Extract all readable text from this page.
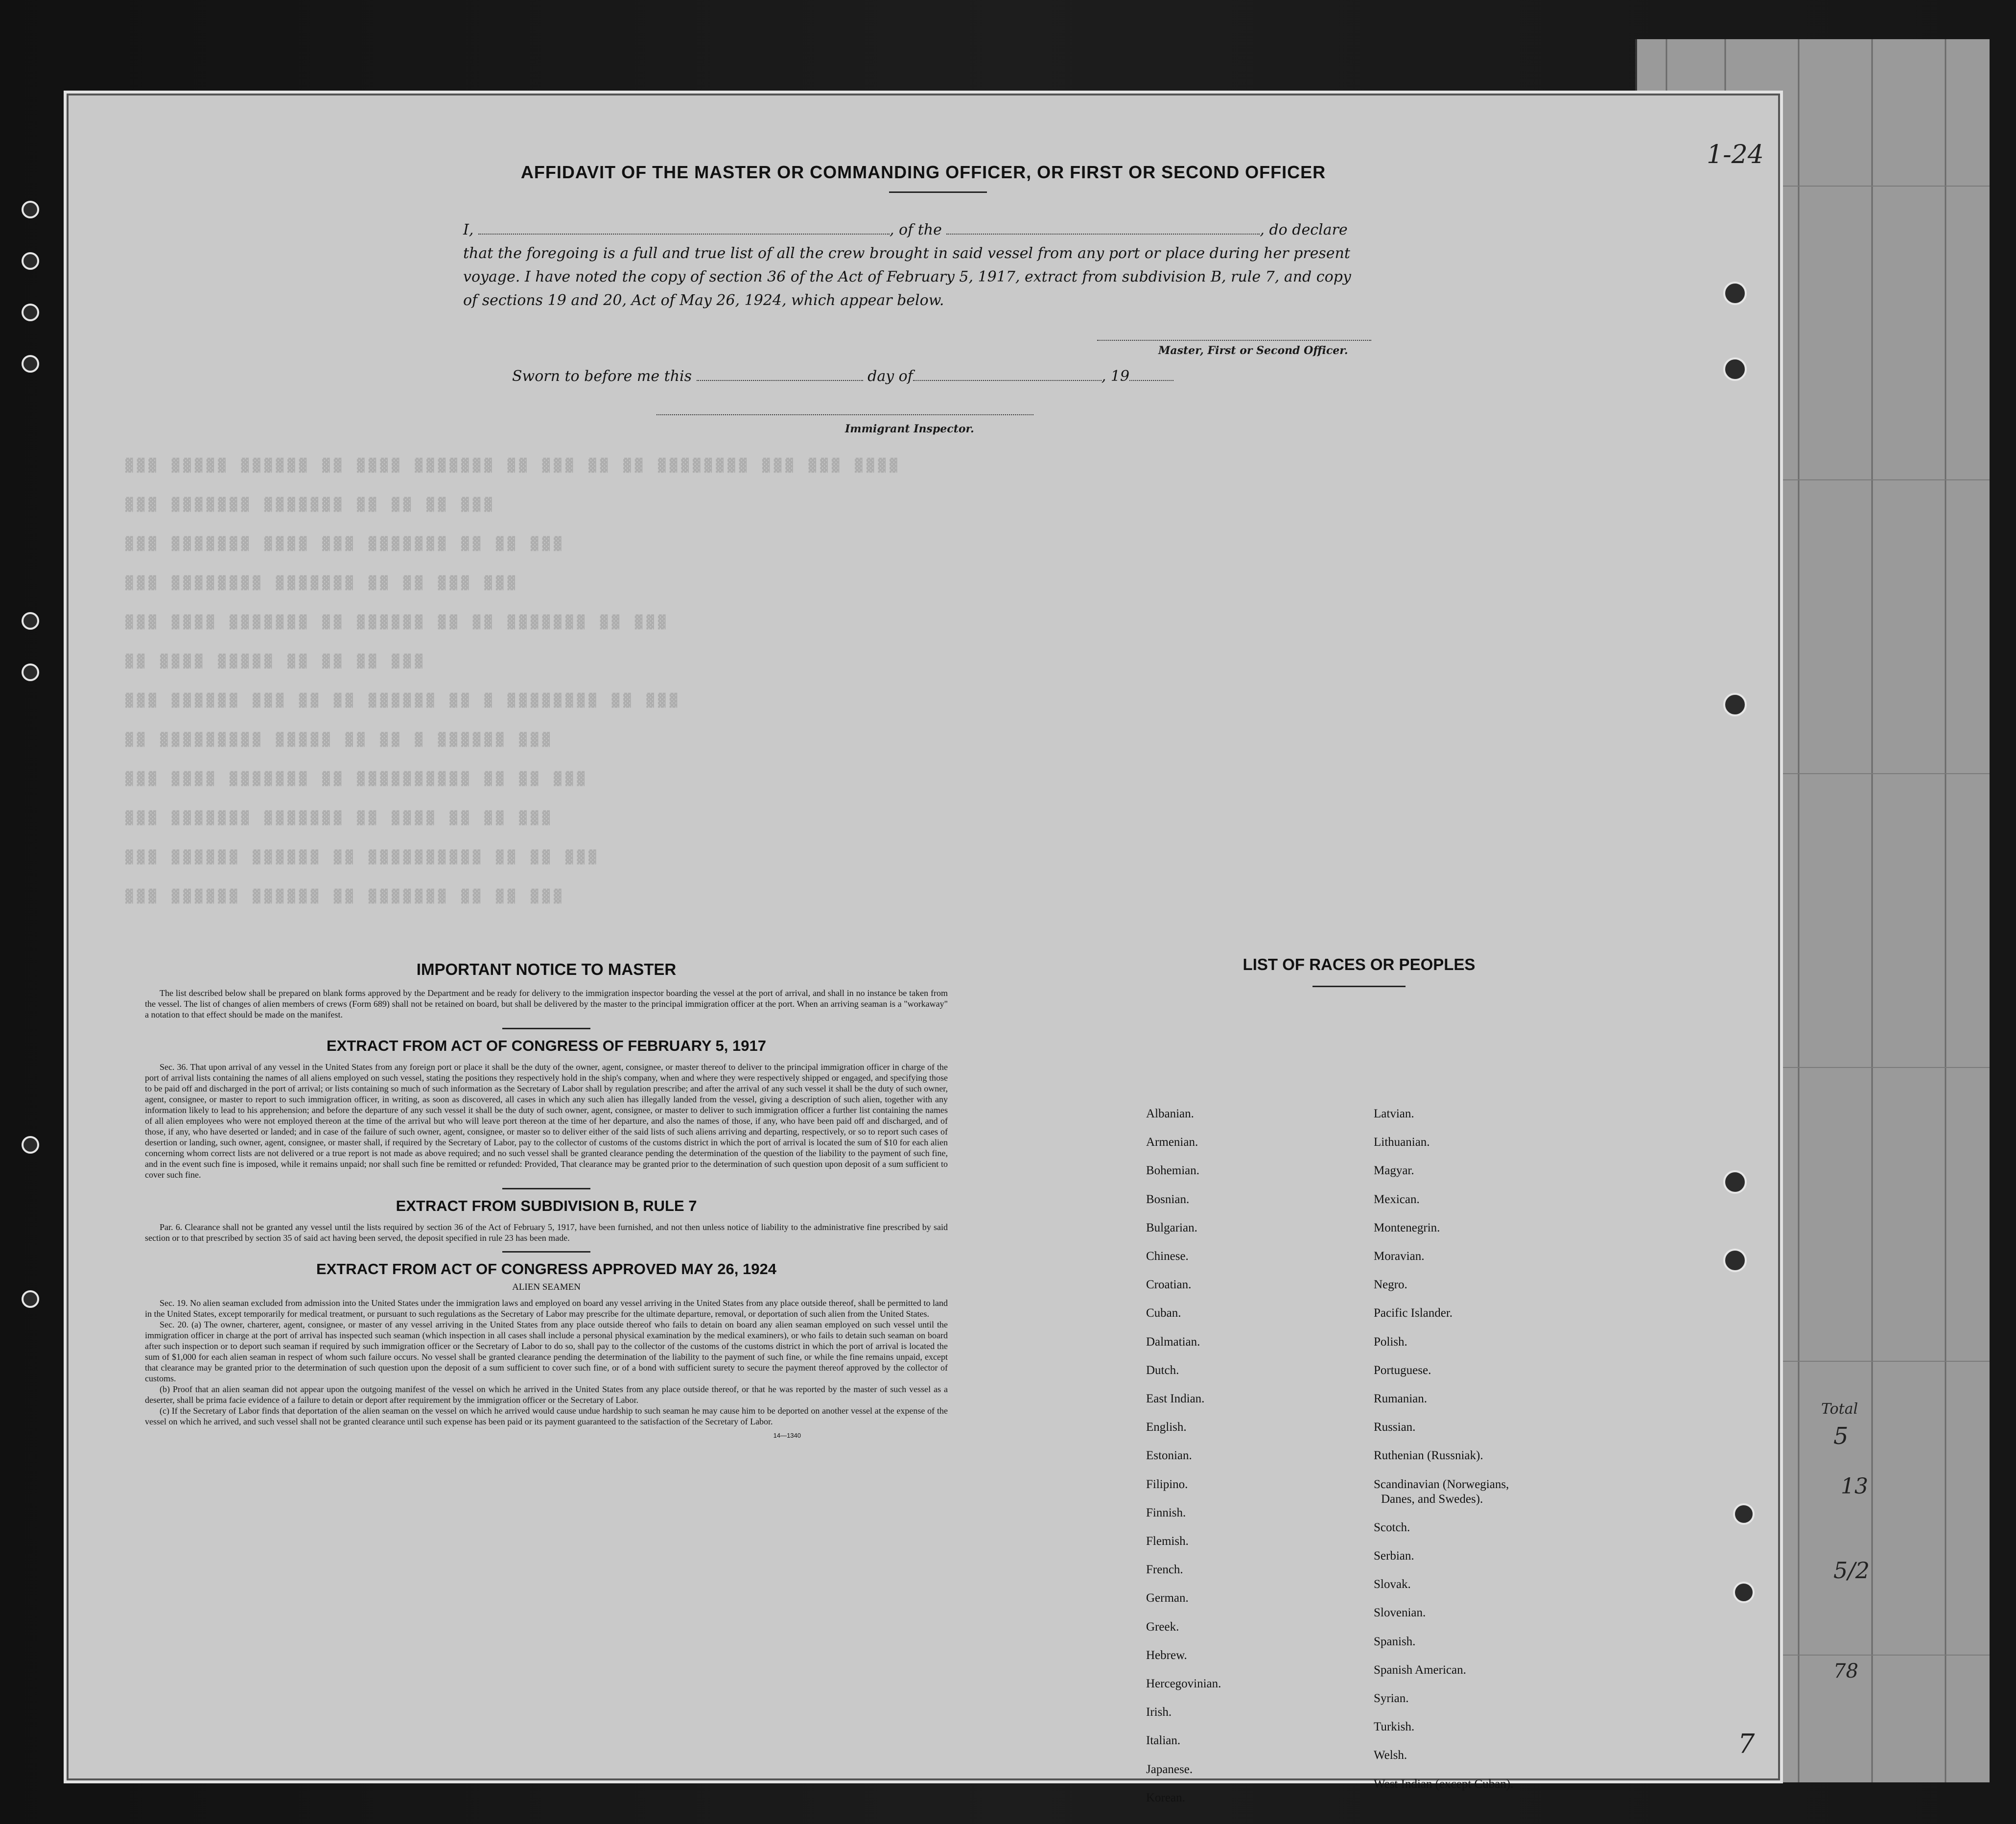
▓▓▓ ▓▓▓▓▓ ▓▓▓▓▓▓ ▓▓ ▓▓▓▓ ▓▓▓▓▓▓▓ ▓▓ ▓▓▓ ▓▓ ▓▓ ▓▓▓▓▓▓▓▓ ▓▓▓ ▓▓▓ ▓▓▓▓
▓▓▓ ▓▓▓▓▓▓▓ ▓▓▓▓▓▓▓ ▓▓ ▓▓ ▓▓ ▓▓▓
▓▓▓ ▓▓▓▓▓▓▓ ▓▓▓▓ ▓▓▓ ▓▓▓▓▓▓▓ ▓▓ ▓▓ ▓▓▓
▓▓▓ ▓▓▓▓▓▓▓▓ ▓▓▓▓▓▓▓ ▓▓ ▓▓ ▓▓▓ ▓▓▓
▓▓▓ ▓▓▓▓ ▓▓▓▓▓▓▓ ▓▓ ▓▓▓▓▓▓ ▓▓ ▓▓ ▓▓▓▓▓▓▓ ▓▓ ▓▓▓
▓▓ ▓▓▓▓ ▓▓▓▓▓ ▓▓ ▓▓ ▓▓ ▓▓▓
▓▓▓ ▓▓▓▓▓▓ ▓▓▓ ▓▓ ▓▓ ▓▓▓▓▓▓ ▓▓ ▓ ▓▓▓▓▓▓▓▓ ▓▓ ▓▓▓
▓▓ ▓▓▓▓▓▓▓▓▓ ▓▓▓▓▓ ▓▓ ▓▓ ▓ ▓▓▓▓▓▓ ▓▓▓
▓▓▓ ▓▓▓▓ ▓▓▓▓▓▓▓ ▓▓ ▓▓▓▓▓▓▓▓▓▓ ▓▓ ▓▓ ▓▓▓
▓▓▓ ▓▓▓▓▓▓▓ ▓▓▓▓▓▓▓ ▓▓ ▓▓▓▓ ▓▓ ▓▓ ▓▓▓
▓▓▓ ▓▓▓▓▓▓ ▓▓▓▓▓▓ ▓▓ ▓▓▓▓▓▓▓▓▓▓ ▓▓ ▓▓ ▓▓▓
▓▓▓ ▓▓▓▓▓▓ ▓▓▓▓▓▓ ▓▓ ▓▓▓▓▓▓▓ ▓▓ ▓▓ ▓▓▓
AFFIDAVIT OF THE MASTER OR COMMANDING OFFICER, OR FIRST OR SECOND OFFICER

I,	, of the	, do declare

that the foregoing is a full and true list of all the crew brought in said vessel from any port or place during her present

voyage. I have noted the copy of section 36 of the Act of February 5, 1917, extract from subdivision B, rule 7, and copy

of sections 19 and 20, Act of May 26, 1924, which appear below.

Master, First or Second Officer.
Sworn to before me this	day of	, 19
Immigrant Inspector.
IMPORTANT NOTICE TO MASTER

The list described below shall be prepared on blank forms approved by the Department and be ready for delivery to the immigration inspector boarding the vessel at the port of arrival, and shall in no instance be taken from the vessel. The list of changes of alien members of crews (Form 689) shall not be retained on board, but shall be delivered by the master to the principal immigration officer at the port. When an arriving seaman is a "workaway" a notation to that effect should be made on the manifest.

EXTRACT FROM ACT OF CONGRESS OF FEBRUARY 5, 1917

Sec. 36. That upon arrival of any vessel in the United States from any foreign port or place it shall be the duty of the owner, agent, consignee, or master thereof to deliver to the principal immigration officer in charge of the port of arrival lists containing the names of all aliens employed on such vessel, stating the positions they respectively hold in the ship's company, when and where they were respectively shipped or engaged, and specifying those to be paid off and discharged in the port of arrival; or lists containing so much of such information as the Secretary of Labor shall by regulation prescribe; and after the arrival of any such vessel it shall be the duty of such owner, agent, consignee, or master to report to such immigration officer, in writing, as soon as discovered, all cases in which any such alien has illegally landed from the vessel, giving a description of such alien, together with any information likely to lead to his apprehension; and before the departure of any such vessel it shall be the duty of such owner, agent, consignee, or master to deliver to such immigration officer a further list containing the names of all alien employees who were not employed thereon at the time of the arrival but who will leave port thereon at the time of her departure, and also the names of those, if any, who have been paid off and discharged, and of those, if any, who have deserted or landed; and in case of the failure of such owner, agent, consignee, or master so to deliver either of the said lists of such aliens arriving and departing, respectively, or so to report such cases of desertion or landing, such owner, agent, consignee, or master shall, if required by the Secretary of Labor, pay to the collector of customs of the customs district in which the port of arrival is located the sum of $10 for each alien concerning whom correct lists are not delivered or a true report is not made as above required; and no such vessel shall be granted clearance pending the determination of the question of the liability to the payment of such fine, and in the event such fine is imposed, while it remains unpaid; nor shall such fine be remitted or refunded: Provided, That clearance may be granted prior to the determination of such question upon deposit of a sum sufficient to cover such fine.

EXTRACT FROM SUBDIVISION B, RULE 7

Par. 6. Clearance shall not be granted any vessel until the lists required by section 36 of the Act of February 5, 1917, have been furnished, and not then unless notice of liability to the administrative fine prescribed by said section or to that prescribed by section 35 of said act having been served, the deposit specified in rule 23 has been made.

EXTRACT FROM ACT OF CONGRESS APPROVED MAY 26, 1924
ALIEN SEAMEN

Sec. 19. No alien seaman excluded from admission into the United States under the immigration laws and employed on board any vessel arriving in the United States from any place outside thereof, shall be permitted to land in the United States, except temporarily for medical treatment, or pursuant to such regulations as the Secretary of Labor may prescribe for the ultimate departure, removal, or deportation of such alien from the United States.

Sec. 20. (a) The owner, charterer, agent, consignee, or master of any vessel arriving in the United States from any place outside thereof who fails to detain on board any alien seaman employed on such vessel until the immigration officer in charge at the port of arrival has inspected such seaman (which inspection in all cases shall include a personal physical examination by the medical examiners), or who fails to detain such seaman on board after such inspection or to deport such seaman if required by such immigration officer or the Secretary of Labor to do so, shall pay to the collector of the customs of the customs district in which the port of arrival is located the sum of $1,000 for each alien seaman in respect of whom such failure occurs. No vessel shall be granted clearance pending the determination of the liability to the payment of such fine, or while the fine remains unpaid, except that clearance may be granted prior to the determination of such question upon the deposit of a sum sufficient to cover such fine, or of a bond with sufficient surety to secure the payment thereof approved by the collector of customs.

(b) Proof that an alien seaman did not appear upon the outgoing manifest of the vessel on which he arrived in the United States from any place outside thereof, or that he was reported by the master of such vessel as a deserter, shall be prima facie evidence of a failure to detain or deport after requirement by the immigration officer or the Secretary of Labor.

(c) If the Secretary of Labor finds that deportation of the alien seaman on the vessel on which he arrived would cause undue hardship to such seaman he may cause him to be deported on another vessel at the expense of the vessel on which he arrived, and such vessel shall not be granted clearance until such expense has been paid or its payment guaranteed to the satisfaction of the Secretary of Labor.

14—1340
LIST OF RACES OR PEOPLES
Albanian.
Armenian.
Bohemian.
Bosnian.
Bulgarian.
Chinese.
Croatian.
Cuban.
Dalmatian.
Dutch.
East Indian.
English.
Estonian.
Filipino.
Finnish.
Flemish.
French.
German.
Greek.
Hebrew.
Hercegovinian.
Irish.
Italian.
Japanese.
Korean.
Latvian.
Lithuanian.
Magyar.
Mexican.
Montenegrin.
Moravian.
Negro.
Pacific Islander.
Polish.
Portuguese.
Rumanian.
Russian.
Ruthenian (Russniak).
Scandinavian (Norwegians,
Danes, and Swedes).
Scotch.
Serbian.
Slovak.
Slovenian.
Spanish.
Spanish American.
Syrian.
Turkish.
Welsh.
West Indian (except Cuban).
1-24
Total
5
13
5/2
78
7
